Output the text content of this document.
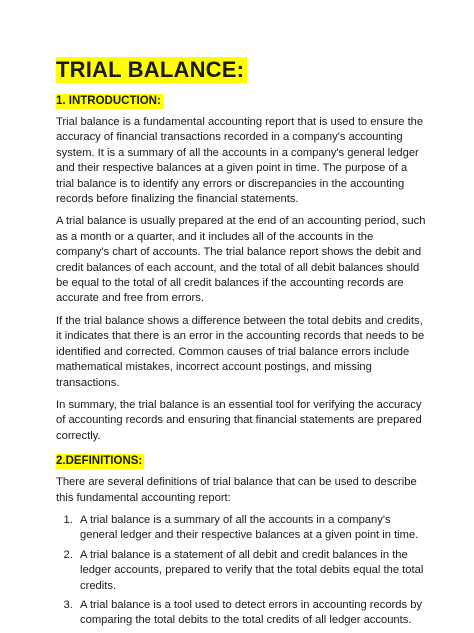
TRIAL BALANCE:
1. INTRODUCTION:

Trial balance is a fundamental accounting report that is used to ensure the accuracy of financial transactions recorded in a company's accounting system. It is a summary of all the accounts in a company's general ledger and their respective balances at a given point in time. The purpose of a trial balance is to identify any errors or discrepancies in the accounting records before finalizing the financial statements.

A trial balance is usually prepared at the end of an accounting period, such as a month or a quarter, and it includes all of the accounts in the company's chart of accounts. The trial balance report shows the debit and credit balances of each account, and the total of all debit balances should be equal to the total of all credit balances if the accounting records are accurate and free from errors.

If the trial balance shows a difference between the total debits and credits, it indicates that there is an error in the accounting records that needs to be identified and corrected. Common causes of trial balance errors include mathematical mistakes, incorrect account postings, and missing transactions.

In summary, the trial balance is an essential tool for verifying the accuracy of accounting records and ensuring that financial statements are prepared correctly.

2.DEFINITIONS:

There are several definitions of trial balance that can be used to describe this fundamental accounting report:

1. A trial balance is a summary of all the accounts in a company's general ledger and their respective balances at a given point in time.
2. A trial balance is a statement of all debit and credit balances in the ledger accounts, prepared to verify that the total debits equal the total credits.
3. A trial balance is a tool used to detect errors in accounting records by comparing the total debits to the total credits of all ledger accounts.
